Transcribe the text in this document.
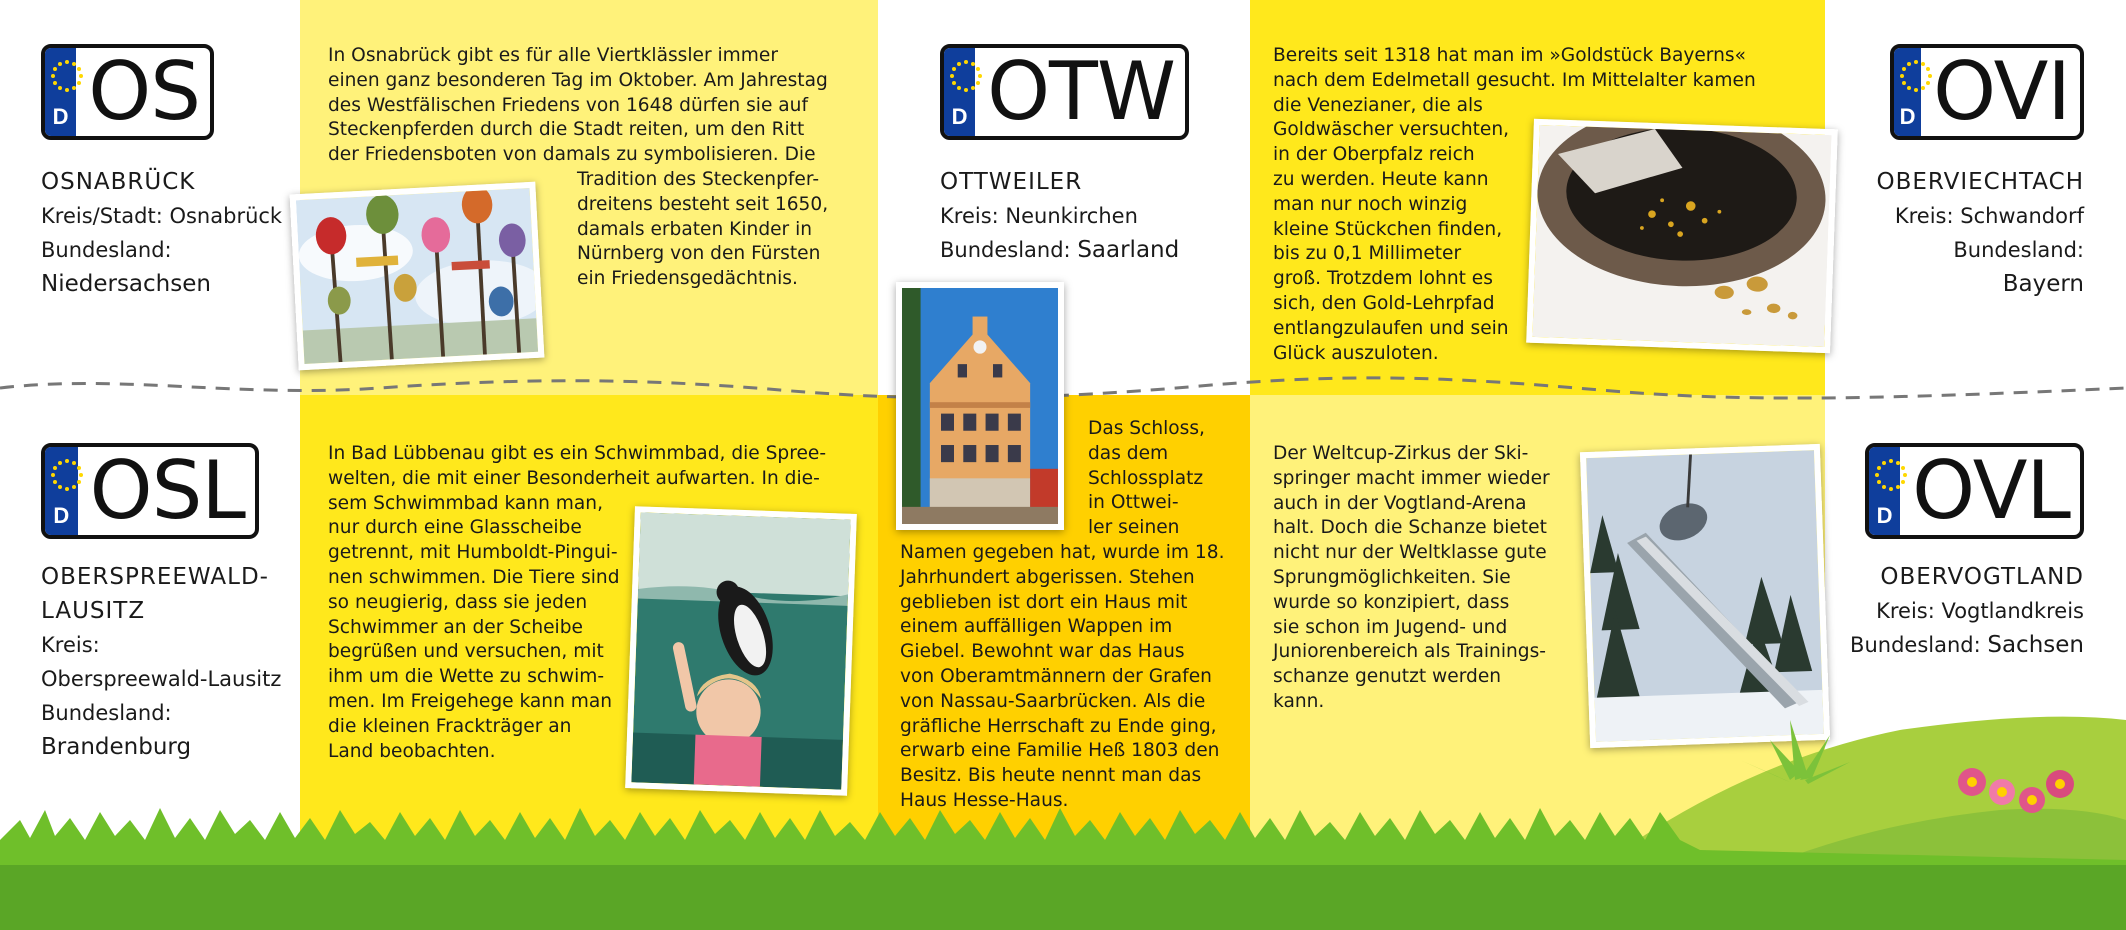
D OS	D OTW	D OVI
D OSL	D OVL
OSNABRÜCK
Kreis/Stadt: Osnabrück
Bundesland:
Niedersachsen
OTTWEILER
Kreis: Neunkirchen
Bundesland: Saarland
OBERVIECHTACH
Kreis: Schwandorf
Bundesland:
Bayern
OBERSPREEWALD-
LAUSITZ
Kreis:
Oberspreewald-Lausitz
Bundesland:
Brandenburg
OBERVOGTLAND
Kreis: Vogtlandkreis
Bundesland: Sachsen
In Osnabrück gibt es für alle Viertklässler immer
einen ganz besonderen Tag im Oktober. Am Jahrestag
des Westfälischen Friedens von 1648 dürfen sie auf
Steckenpferden durch die Stadt reiten, um den Ritt
der Friedensboten von damals zu symbolisieren. Die
Tradition des Steckenpfer-
dreitens besteht seit 1650,
damals erbaten Kinder in
Nürnberg von den Fürsten
ein Friedensgedächtnis.
Bereits seit 1318 hat man im »Goldstück Bayerns«
nach dem Edelmetall gesucht. Im Mittelalter kamen
die Venezianer, die als
Goldwäscher versuchten,
in der Oberpfalz reich
zu werden. Heute kann
man nur noch winzig
kleine Stückchen finden,
bis zu 0,1 Millimeter
groß. Trotzdem lohnt es
sich, den Gold-Lehrpfad
entlangzulaufen und sein
Glück auszuloten.
In Bad Lübbenau gibt es ein Schwimmbad, die Spree-
welten, die mit einer Besonderheit aufwarten. In die-
sem Schwimmbad kann man,
nur durch eine Glasscheibe
getrennt, mit Humboldt-Pingui-
nen schwimmen. Die Tiere sind
so neugierig, dass sie jeden
Schwimmer an der Scheibe
begrüßen und versuchen, mit
ihm um die Wette zu schwim-
men. Im Freigehege kann man
die kleinen Frackträger an
Land beobachten.
Das Schloss,
das dem
Schlossplatz
in Ottwei-
ler seinen
Namen gegeben hat, wurde im 18.
Jahrhundert abgerissen. Stehen
geblieben ist dort ein Haus mit
einem auffälligen Wappen im
Giebel. Bewohnt war das Haus
von Oberamtmännern der Grafen
von Nassau-Saarbrücken. Als die
gräfliche Herrschaft zu Ende ging,
erwarb eine Familie Heß 1803 den
Besitz. Bis heute nennt man das
Haus Hesse-Haus.
Der Weltcup-Zirkus der Ski-
springer macht immer wieder
auch in der Vogtland-Arena
halt. Doch die Schanze bietet
nicht nur der Weltklasse gute
Sprungmöglichkeiten. Sie
wurde so konzipiert, dass
sie schon im Jugend- und
Juniorenbereich als Trainings-
schanze genutzt werden
kann.
